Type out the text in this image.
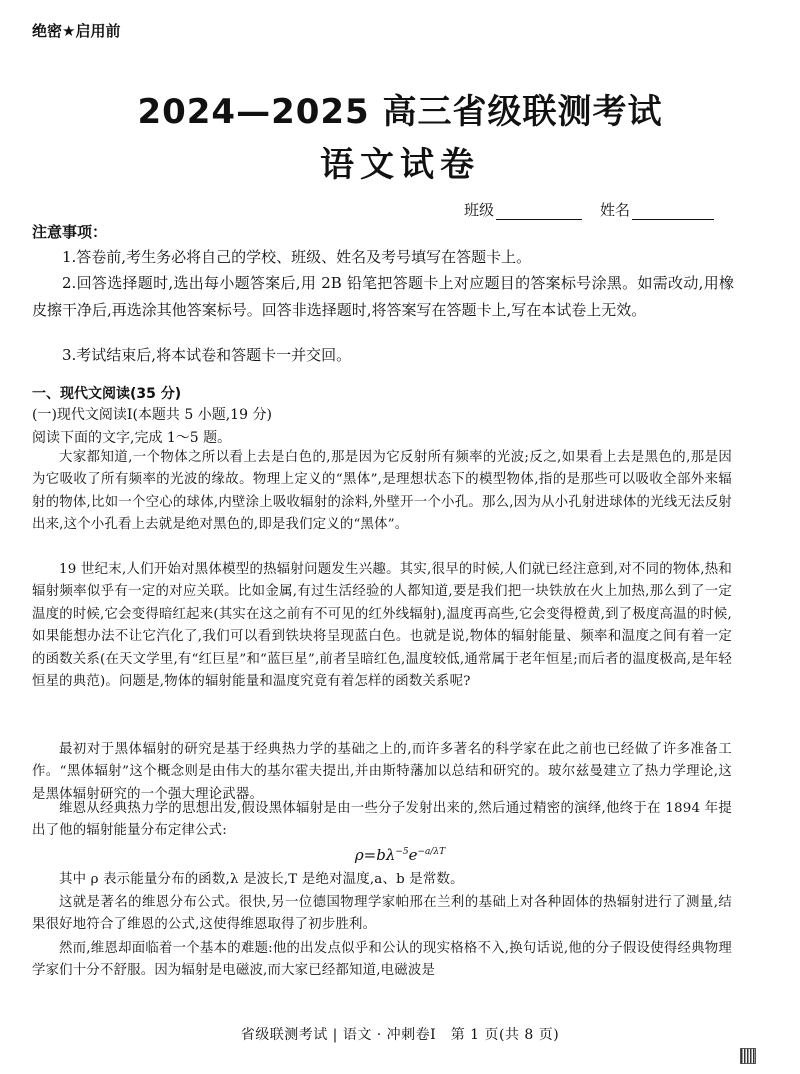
绝密★启用前
2024—2025 高三省级联测考试
语文试卷
班级	姓名
注意事项：
1.答卷前,考生务必将自己的学校、班级、姓名及考号填写在答题卡上。
2.回答选择题时,选出每小题答案后,用 2B 铅笔把答题卡上对应题目的答案标号涂黑。如需改动,用橡皮擦干净后,再选涂其他答案标号。回答非选择题时,将答案写在答题卡上,写在本试卷上无效。
3.考试结束后,将本试卷和答题卡一并交回。
一、现代文阅读(35 分)
(一)现代文阅读Ⅰ(本题共 5 小题,19 分)
阅读下面的文字,完成 1～5 题。
大家都知道,一个物体之所以看上去是白色的,那是因为它反射所有频率的光波;反之,如果看上去是黑色的,那是因为它吸收了所有频率的光波的缘故。物理上定义的“黑体”,是理想状态下的模型物体,指的是那些可以吸收全部外来辐射的物体,比如一个空心的球体,内壁涂上吸收辐射的涂料,外壁开一个小孔。那么,因为从小孔射进球体的光线无法反射出来,这个小孔看上去就是绝对黑色的,即是我们定义的“黑体”。
19 世纪末,人们开始对黑体模型的热辐射问题发生兴趣。其实,很早的时候,人们就已经注意到,对不同的物体,热和辐射频率似乎有一定的对应关联。比如金属,有过生活经验的人都知道,要是我们把一块铁放在火上加热,那么到了一定温度的时候,它会变得暗红起来(其实在这之前有不可见的红外线辐射),温度再高些,它会变得橙黄,到了极度高温的时候,如果能想办法不让它汽化了,我们可以看到铁块将呈现蓝白色。也就是说,物体的辐射能量、频率和温度之间有着一定的函数关系(在天文学里,有“红巨星”和“蓝巨星”,前者呈暗红色,温度较低,通常属于老年恒星;而后者的温度极高,是年轻恒星的典范)。问题是,物体的辐射能量和温度究竟有着怎样的函数关系呢?
最初对于黑体辐射的研究是基于经典热力学的基础之上的,而许多著名的科学家在此之前也已经做了许多准备工作。“黑体辐射”这个概念则是由伟大的基尔霍夫提出,并由斯特藩加以总结和研究的。玻尔兹曼建立了热力学理论,这是黑体辐射研究的一个强大理论武器。
维恩从经典热力学的思想出发,假设黑体辐射是由一些分子发射出来的,然后通过精密的演绎,他终于在 1894 年提出了他的辐射能量分布定律公式:
$\rho=b\lambda^{-5}e^{-a/\lambda T}$
其中 ρ 表示能量分布的函数,λ 是波长,T 是绝对温度,a、b 是常数。
这就是著名的维恩分布公式。很快,另一位德国物理学家帕邢在兰利的基础上对各种固体的热辐射进行了测量,结果很好地符合了维恩的公式,这使得维恩取得了初步胜利。
然而,维恩却面临着一个基本的难题:他的出发点似乎和公认的现实格格不入,换句话说,他的分子假设使得经典物理学家们十分不舒服。因为辐射是电磁波,而大家已经都知道,电磁波是
省级联测考试 | 语文 · 冲刺卷Ⅰ　第 1 页(共 8 页)
